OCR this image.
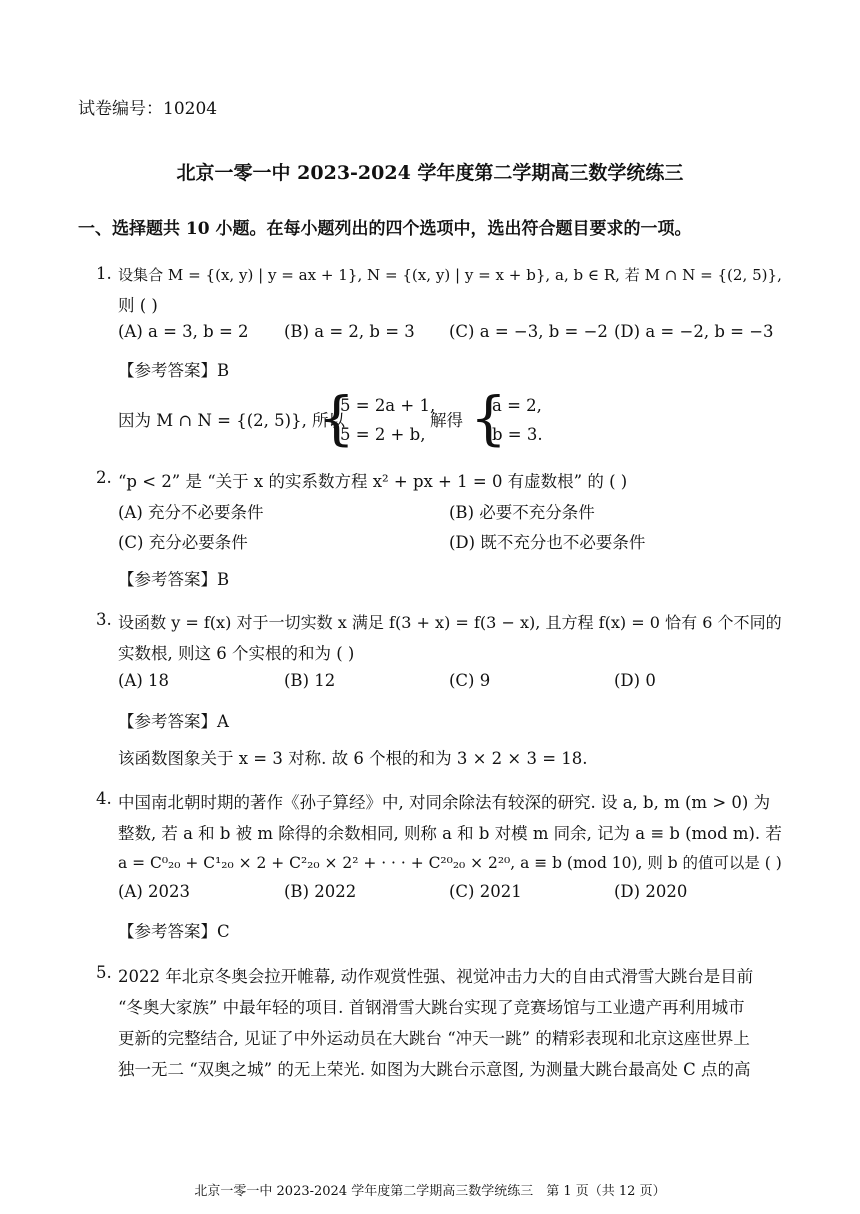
试卷编号：10204
北京一零一中 2023-2024 学年度第二学期高三数学统练三
一、选择题共 10 小题。在每小题列出的四个选项中，选出符合题目要求的一项。
1. 设集合 M = {(x, y) | y = ax + 1}, N = {(x, y) | y = x + b}, a, b ∈ R, 若 M ∩ N = {(2, 5)},
则 ( )
(A) a = 3, b = 2 (B) a = 2, b = 3 (C) a = −3, b = −2 (D) a = −2, b = −3
【参考答案】B
因为 M ∩ N = {(2, 5)}, 所以
{
5 = 2a + 1,
5 = 2 + b,
解得 {
a = 2,
b = 3.
2. “p < 2” 是 “关于 x 的实系数方程 x² + px + 1 = 0 有虚数根” 的 ( )
(A) 充分不必要条件	(B) 必要不充分条件
(C) 充分必要条件	(D) 既不充分也不必要条件
【参考答案】B
3. 设函数 y = f(x) 对于一切实数 x 满足 f(3 + x) = f(3 − x), 且方程 f(x) = 0 恰有 6 个不同的
实数根, 则这 6 个实根的和为 ( )
(A) 18	(B) 12	(C) 9	(D) 0
【参考答案】A
该函数图象关于 x = 3 对称. 故 6 个根的和为 3 × 2 × 3 = 18.
4. 中国南北朝时期的著作《孙子算经》中, 对同余除法有较深的研究. 设 a, b, m (m > 0) 为
整数, 若 a 和 b 被 m 除得的余数相同, 则称 a 和 b 对模 m 同余, 记为 a ≡ b (mod m). 若
a = C⁰₂₀ + C¹₂₀ × 2 + C²₂₀ × 2² + · · · + C²⁰₂₀ × 2²⁰, a ≡ b (mod 10), 则 b 的值可以是 ( )
(A) 2023	(B) 2022	(C) 2021	(D) 2020
【参考答案】C
5. 2022 年北京冬奥会拉开帷幕, 动作观赏性强、视觉冲击力大的自由式滑雪大跳台是目前
“冬奥大家族” 中最年轻的项目. 首钢滑雪大跳台实现了竞赛场馆与工业遗产再利用城市
更新的完整结合, 见证了中外运动员在大跳台 “冲天一跳” 的精彩表现和北京这座世界上
独一无二 “双奥之城” 的无上荣光. 如图为大跳台示意图, 为测量大跳台最高处 C 点的高
北京一零一中 2023-2024 学年度第二学期高三数学统练三　第 1 页（共 12 页）
